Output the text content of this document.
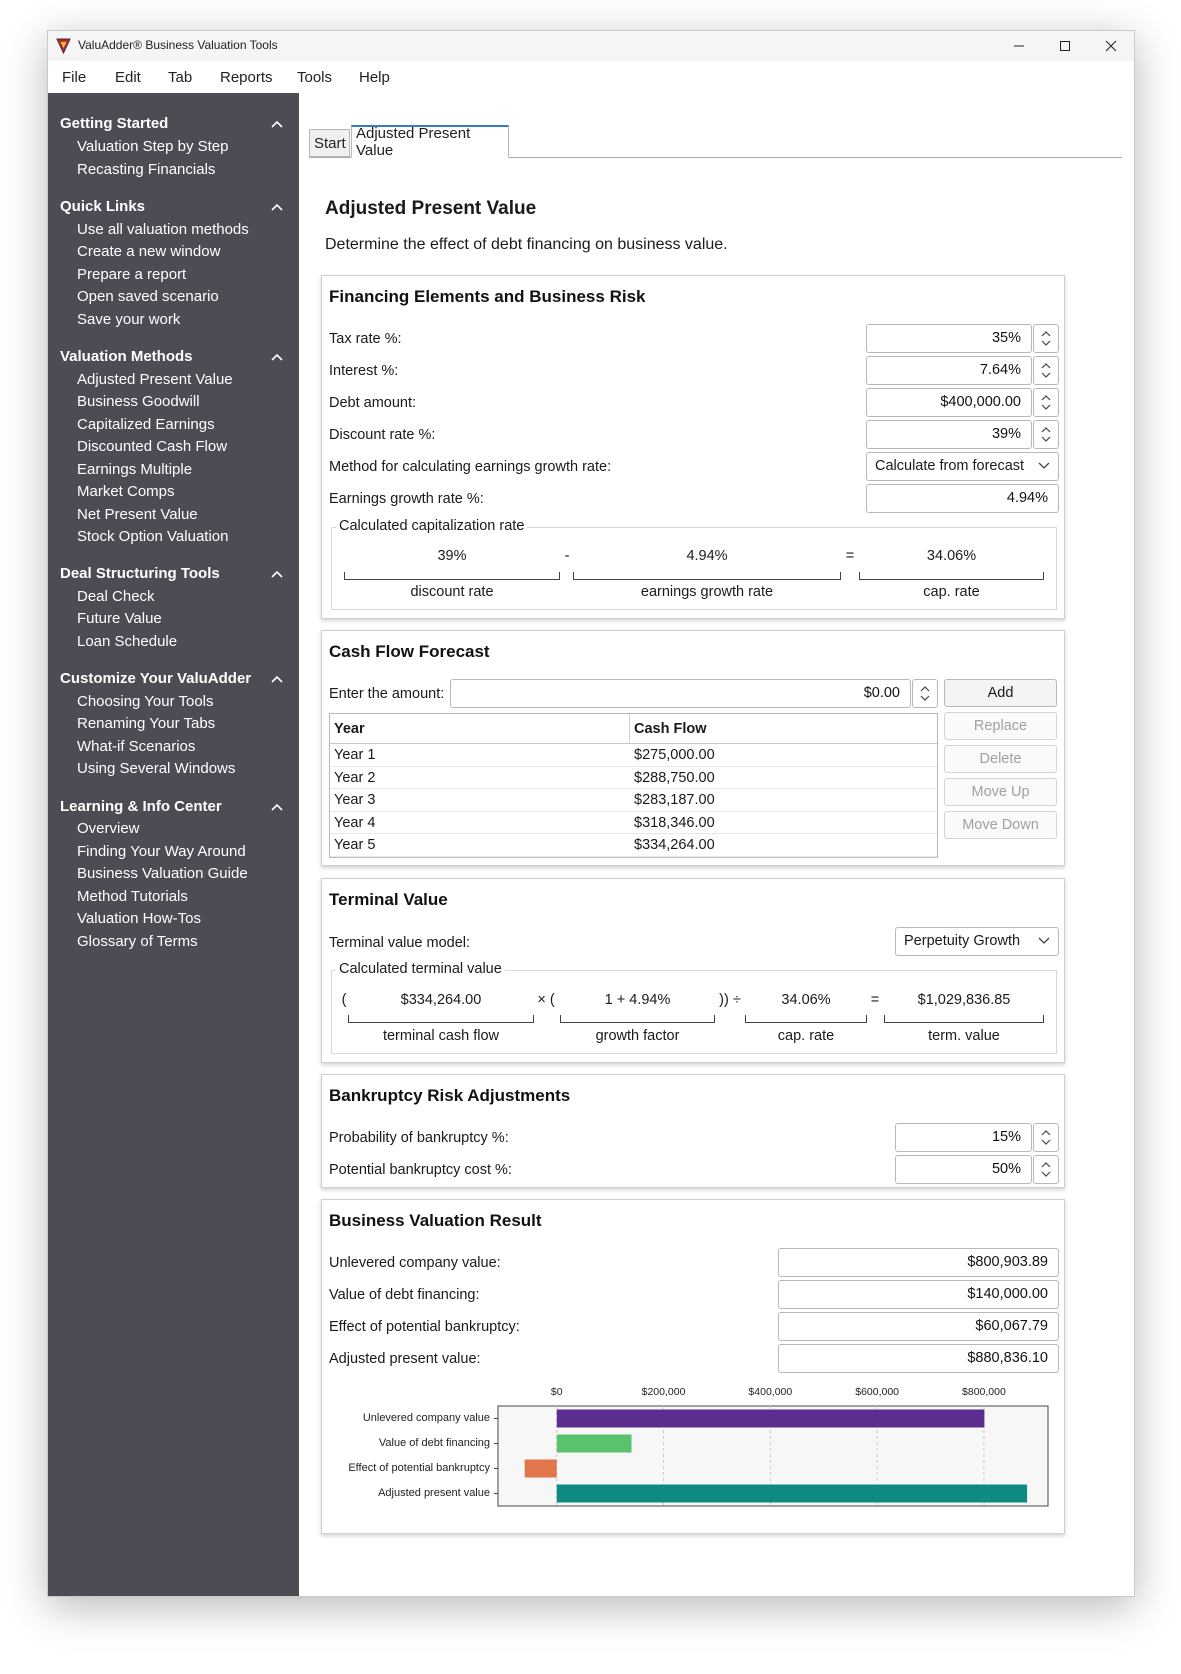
ValuAdder® Business Valuation Tools
File Edit Tab Reports Tools Help
Getting Started
Valuation Step by Step
Recasting Financials
Quick Links
Use all valuation methods
Create a new window
Prepare a report
Open saved scenario
Save your work
Valuation Methods
Adjusted Present Value
Business Goodwill
Capitalized Earnings
Discounted Cash Flow
Earnings Multiple
Market Comps
Net Present Value
Stock Option Valuation
Deal Structuring Tools
Deal Check
Future Value
Loan Schedule
Customize Your ValuAdder
Choosing Your Tools
Renaming Your Tabs
What-if Scenarios
Using Several Windows
Learning & Info Center
Overview
Finding Your Way Around
Business Valuation Guide
Method Tutorials
Valuation How-Tos
Glossary of Terms
Start
Adjusted Present Value
Adjusted Present Value
Determine the effect of debt financing on business value.
Financing Elements and Business Risk
Tax rate %:	35%
Interest %:	7.64%
Debt amount:	$400,000.00
Discount rate %:	39%
Method for calculating earnings growth rate:	Calculate from forecast
Earnings growth rate %:	4.94%
Calculated capitalization rate
39%	-	4.94%	=	34.06%
discount rate	earnings growth rate	cap. rate
Cash Flow Forecast
Enter the amount:	$0.00	Add
Replace
Delete
Move Up
Move Down
Year	Cash Flow
Year 1	$275,000.00
Year 2	$288,750.00
Year 3	$283,187.00
Year 4	$318,346.00
Year 5	$334,264.00
Terminal Value
Terminal value model:	Perpetuity Growth
Calculated terminal value
(	$334,264.00	× (	1 + 4.94%	)) ÷	34.06%	=	$1,029,836.85
terminal cash flow	growth factor	cap. rate	term. value
Bankruptcy Risk Adjustments
Probability of bankruptcy %:	15%
Potential bankruptcy cost %:	50%
Business Valuation Result
Unlevered company value:	$800,903.89
Value of debt financing:	$140,000.00
Effect of potential bankruptcy:	$60,067.79
Adjusted present value:	$880,836.10
$0	$200,000	$400,000	$600,000	$800,000
Unlevered company value
Value of debt financing
Effect of potential bankruptcy
Adjusted present value
